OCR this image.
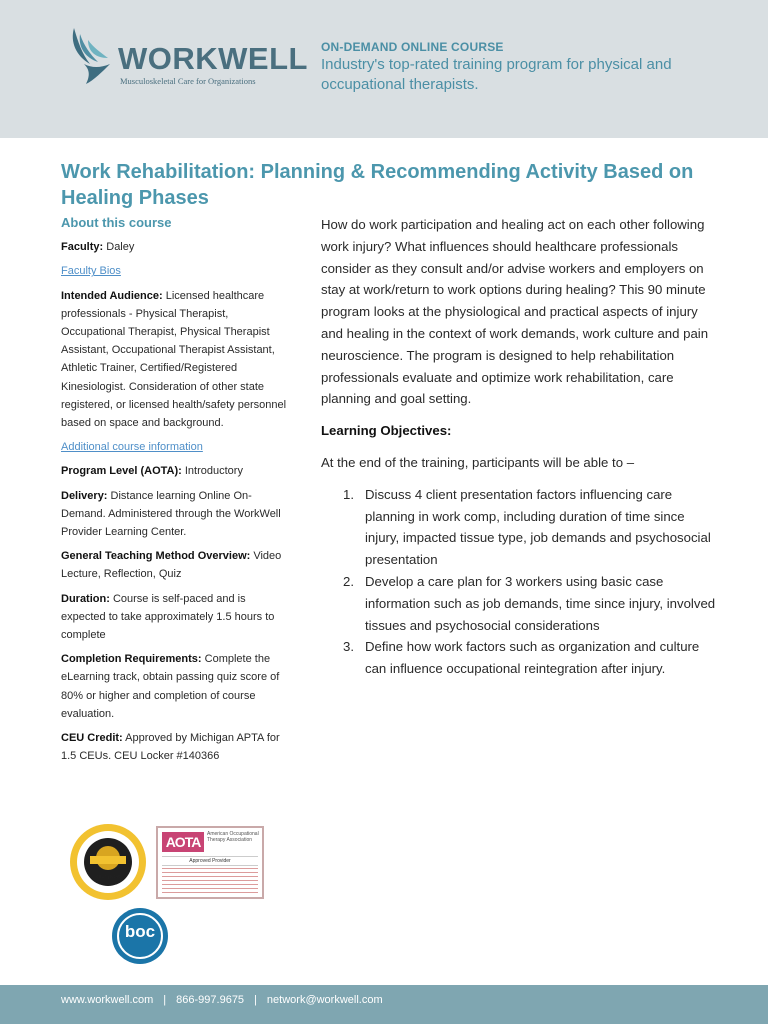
WORKWELL
Musculoskeletal Care for Organizations
ON-DEMAND ONLINE COURSE
Industry's top-rated training program for physical and occupational therapists.
Work Rehabilitation: Planning & Recommending Activity Based on Healing Phases
About this course

Faculty: Daley

Faculty Bios

Intended Audience: Licensed healthcare professionals - Physical Therapist, Occupational Therapist, Physical Therapist Assistant, Occupational Therapist Assistant, Athletic Trainer, Certified/Registered Kinesiologist. Consideration of other state registered, or licensed health/safety personnel based on space and background.

Additional course information

Program Level (AOTA): Introductory

Delivery: Distance learning Online On-Demand. Administered through the WorkWell Provider Learning Center.

General Teaching Method Overview: Video Lecture, Reflection, Quiz

Duration: Course is self-paced and is expected to take approximately 1.5 hours to complete

Completion Requirements: Complete the eLearning track, obtain passing quiz score of 80% or higher and completion of course evaluation.

CEU Credit: Approved by Michigan APTA for 1.5 CEUs. CEU Locker #140366

CEUS | NOW
AOTA	American Occupational Therapy Association
Approved Provider
boc

How do work participation and healing act on each other following work injury? What influences should healthcare professionals consider as they consult and/or advise workers and employers on stay at work/return to work options during healing? This 90 minute program looks at the physiological and practical aspects of injury and healing in the context of work demands, work culture and pain neuroscience. The program is designed to help rehabilitation professionals evaluate and optimize work rehabilitation, care planning and goal setting.

Learning Objectives:

At the end of the training, participants will be able to –

1. Discuss 4 client presentation factors influencing care planning in work comp, including duration of time since injury, impacted tissue type, job demands and psychosocial presentation
2. Develop a care plan for 3 workers using basic case information such as job demands, time since injury, involved tissues and psychosocial considerations
3. Define how work factors such as organization and culture can influence occupational reintegration after injury.
www.workwell.com | 866-997.9675 | network@workwell.com
